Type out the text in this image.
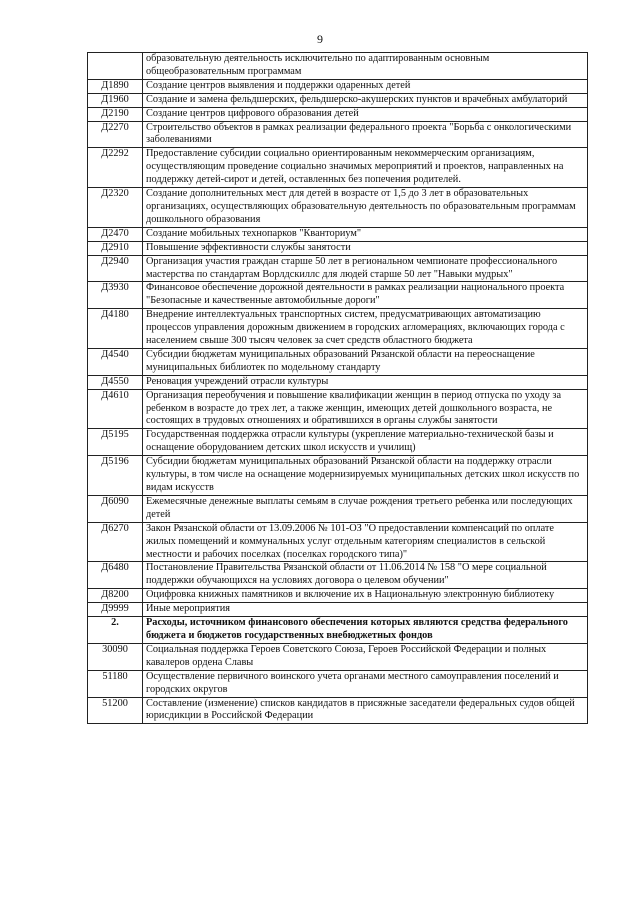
9
	образовательную деятельность исключительно по адаптированным основным общеобразовательным программам
Д1890	Создание центров выявления и поддержки одаренных детей
Д1960	Создание и замена фельдшерских, фельдшерско-акушерских пунктов и врачебных амбулаторий
Д2190	Создание центров цифрового образования детей
Д2270	Строительство объектов в рамках реализации федерального проекта "Борьба с онкологическими заболеваниями
Д2292	Предоставление субсидии социально ориентированным некоммерческим организациям, осуществляющим проведение социально значимых мероприятий и проектов, направленных на поддержку детей-сирот и детей, оставленных без попечения родителей.
Д2320	Создание дополнительных мест для детей в возрасте от 1,5 до 3 лет в образовательных организациях, осуществляющих образовательную деятельность по образовательным программам дошкольного образования
Д2470	Создание мобильных технопарков "Кванториум"
Д2910	Повышение эффективности службы занятости
Д2940	Организация участия граждан старше 50 лет в региональном чемпионате профессионального мастерства по стандартам Ворлдскиллс для людей старше 50 лет "Навыки мудрых"
Д3930	Финансовое обеспечение дорожной деятельности в рамках реализации национального проекта "Безопасные и качественные автомобильные дороги"
Д4180	Внедрение интеллектуальных транспортных систем, предусматривающих автоматизацию процессов управления дорожным движением в городских агломерациях, включающих города с населением свыше 300 тысяч человек за счет средств областного бюджета
Д4540	Субсидии бюджетам муниципальных образований Рязанской области на переоснащение муниципальных библиотек по модельному стандарту
Д4550	Реновация учреждений отрасли культуры
Д4610	Организация переобучения и повышение квалификации женщин в период отпуска по уходу за ребенком в возрасте до трех лет, а также женщин, имеющих детей дошкольного возраста, не состоящих в трудовых отношениях и обратившихся в органы службы занятости
Д5195	Государственная поддержка отрасли культуры (укрепление материально-технической базы и оснащение оборудованием детских школ искусств и училищ)
Д5196	Субсидии бюджетам муниципальных образований Рязанской области на поддержку отрасли культуры, в том числе на оснащение модернизируемых муниципальных детских школ искусств по видам искусств
Д6090	Ежемесячные денежные выплаты семьям в случае рождения третьего ребенка или последующих детей
Д6270	Закон Рязанской области от 13.09.2006 № 101-ОЗ "О предоставлении компенсаций по оплате жилых помещений и коммунальных услуг отдельным категориям специалистов в сельской местности и рабочих поселках (поселках городского типа)"
Д6480	Постановление Правительства Рязанской области от 11.06.2014 № 158 "О мере социальной поддержки обучающихся на условиях договора о целевом обучении"
Д8200	Оцифровка книжных памятников и включение их в Национальную электронную библиотеку
Д9999	Иные мероприятия
2.	Расходы, источником финансового обеспечения которых являются средства федерального бюджета и бюджетов государственных внебюджетных фондов
30090	Социальная поддержка Героев Советского Союза, Героев Российской Федерации и полных кавалеров ордена Славы
51180	Осуществление первичного воинского учета органами местного самоуправления поселений и городских округов
51200	Составление (изменение) списков кандидатов в присяжные заседатели федеральных судов общей юрисдикции в Российской Федерации
